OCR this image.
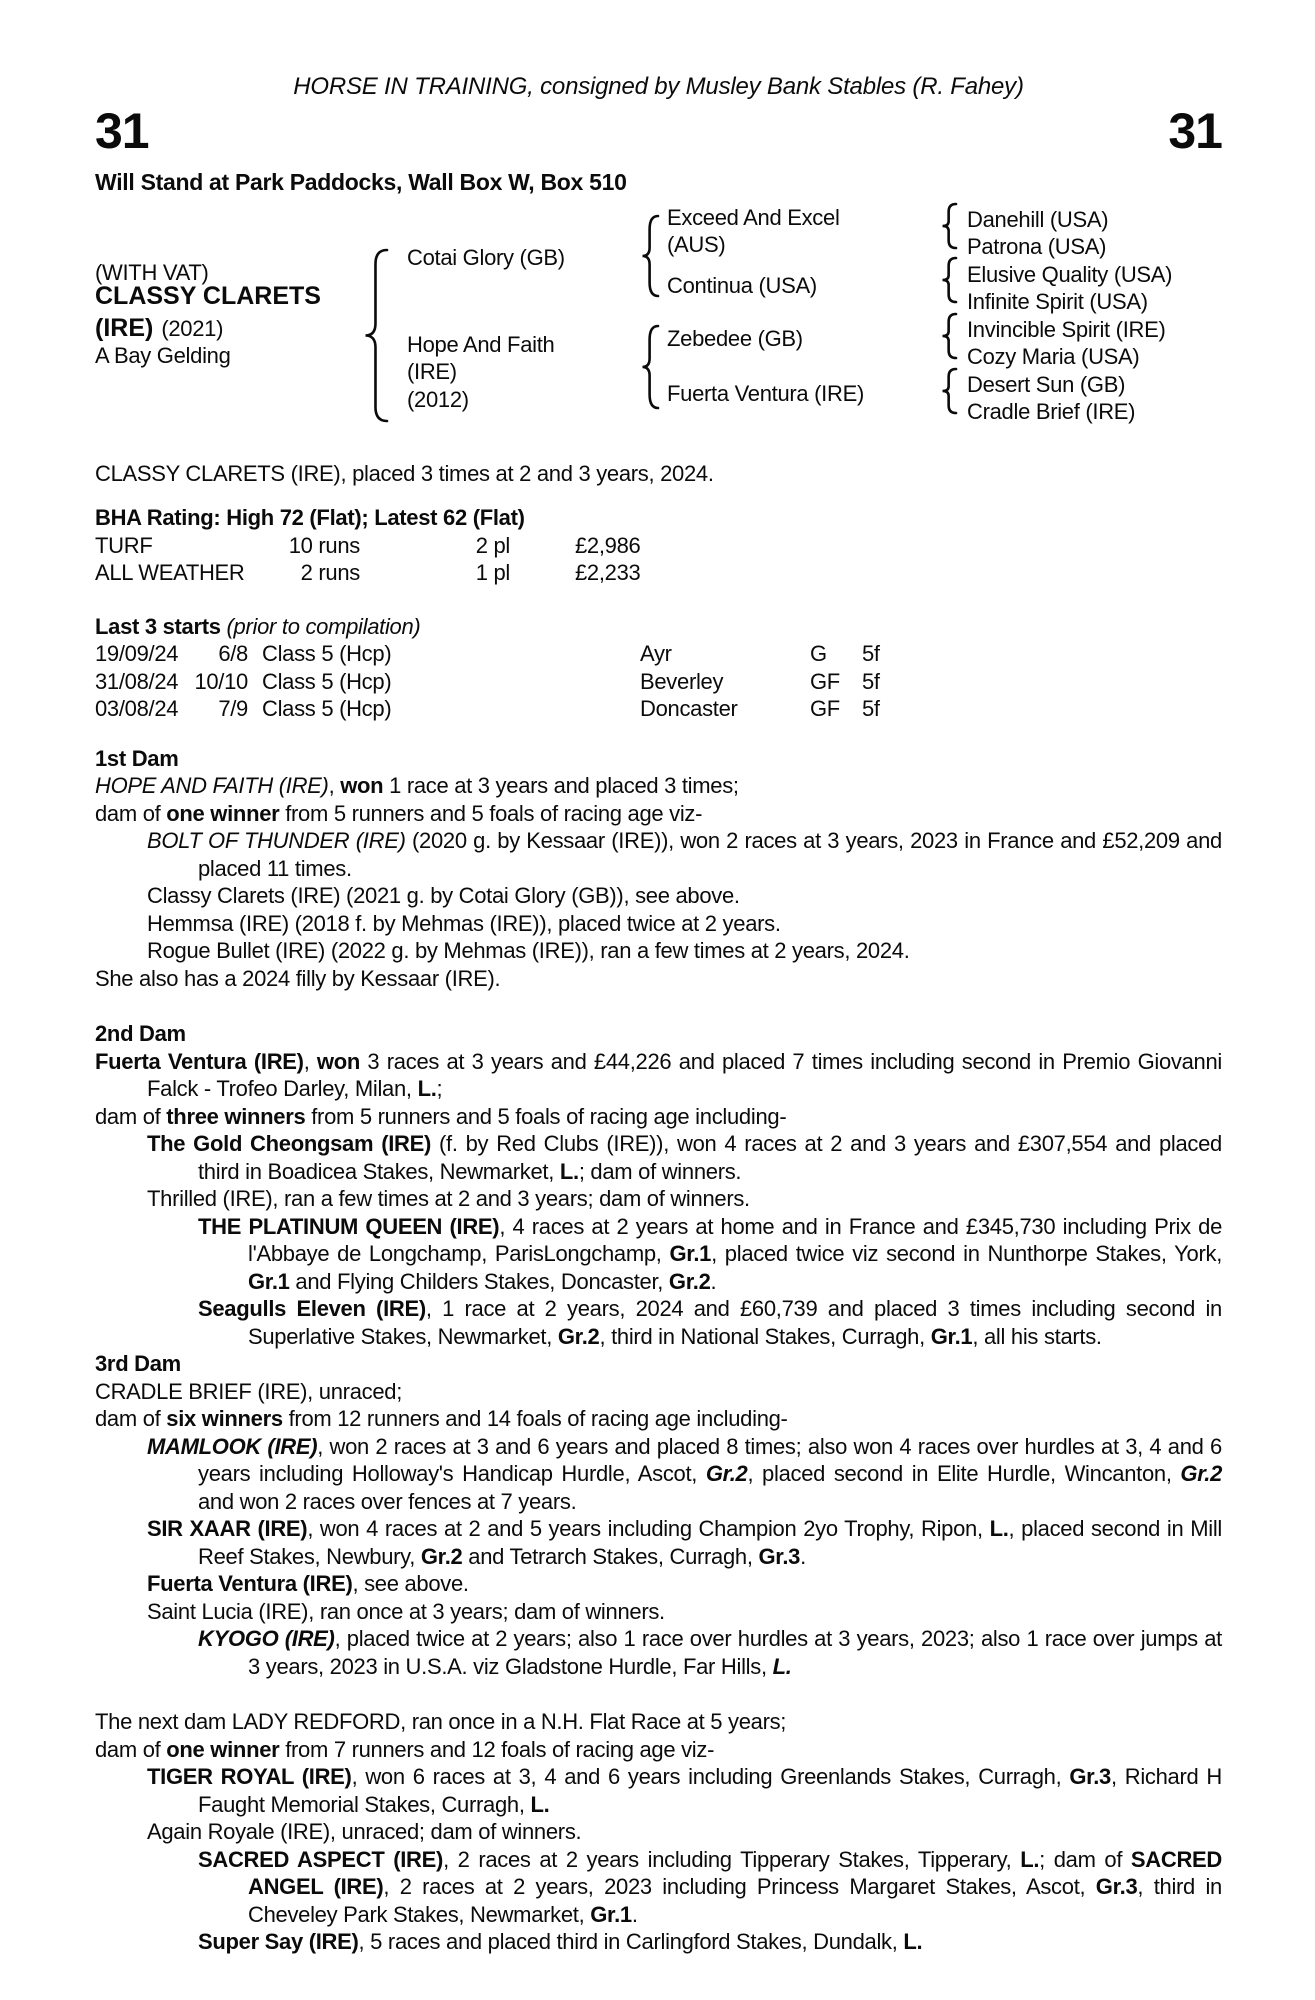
HORSE IN TRAINING, consigned by Musley Bank Stables (R. Fahey)
31	31
Will Stand at Park Paddocks, Wall Box W, Box 510
(WITH VAT)
CLASSY CLARETS
(IRE) (2021)
A Bay Gelding
Cotai Glory (GB)
Hope And Faith
(IRE)
(2012)
Exceed And Excel
(AUS)
Continua (USA)
Zebedee (GB)
Fuerta Ventura (IRE)
Danehill (USA)
Patrona (USA)
Elusive Quality (USA)
Infinite Spirit (USA)
Invincible Spirit (IRE)
Cozy Maria (USA)
Desert Sun (GB)
Cradle Brief (IRE)
CLASSY CLARETS (IRE), placed 3 times at 2 and 3 years, 2024.
BHA Rating: High 72 (Flat); Latest 62 (Flat)
TURF	10 runs	2 pl	£2,986
ALL WEATHER	2 runs	1 pl	£2,233
Last 3 starts (prior to compilation)
19/09/24	6/8 Class 5 (Hcp)	Ayr	G	5f
31/08/24 10/10 Class 5 (Hcp)	Beverley	GF	5f
03/08/24	7/9 Class 5 (Hcp)	Doncaster	GF	5f
1st Dam
HOPE AND FAITH (IRE), won 1 race at 3 years and placed 3 times;
dam of one winner from 5 runners and 5 foals of racing age viz-
BOLT OF THUNDER (IRE) (2020 g. by Kessaar (IRE)), won 2 races at 3 years, 2023 in France and £52,209 and placed 11 times.
Classy Clarets (IRE) (2021 g. by Cotai Glory (GB)), see above.
Hemmsa (IRE) (2018 f. by Mehmas (IRE)), placed twice at 2 years.
Rogue Bullet (IRE) (2022 g. by Mehmas (IRE)), ran a few times at 2 years, 2024.
She also has a 2024 filly by Kessaar (IRE).
2nd Dam
Fuerta Ventura (IRE), won 3 races at 3 years and £44,226 and placed 7 times including second in Premio Giovanni Falck - Trofeo Darley, Milan, L.;
dam of three winners from 5 runners and 5 foals of racing age including-
The Gold Cheongsam (IRE) (f. by Red Clubs (IRE)), won 4 races at 2 and 3 years and £307,554 and placed third in Boadicea Stakes, Newmarket, L.; dam of winners.
Thrilled (IRE), ran a few times at 2 and 3 years; dam of winners.
THE PLATINUM QUEEN (IRE), 4 races at 2 years at home and in France and £345,730 including Prix de l'Abbaye de Longchamp, ParisLongchamp, Gr.1, placed twice viz second in Nunthorpe Stakes, York, Gr.1 and Flying Childers Stakes, Doncaster, Gr.2.
Seagulls Eleven (IRE), 1 race at 2 years, 2024 and £60,739 and placed 3 times including second in Superlative Stakes, Newmarket, Gr.2, third in National Stakes, Curragh, Gr.1, all his starts.
3rd Dam
CRADLE BRIEF (IRE), unraced;
dam of six winners from 12 runners and 14 foals of racing age including-
MAMLOOK (IRE), won 2 races at 3 and 6 years and placed 8 times; also won 4 races over hurdles at 3, 4 and 6 years including Holloway's Handicap Hurdle, Ascot, Gr.2, placed second in Elite Hurdle, Wincanton, Gr.2 and won 2 races over fences at 7 years.
SIR XAAR (IRE), won 4 races at 2 and 5 years including Champion 2yo Trophy, Ripon, L., placed second in Mill Reef Stakes, Newbury, Gr.2 and Tetrarch Stakes, Curragh, Gr.3.
Fuerta Ventura (IRE), see above.
Saint Lucia (IRE), ran once at 3 years; dam of winners.
KYOGO (IRE), placed twice at 2 years; also 1 race over hurdles at 3 years, 2023; also 1 race over jumps at 3 years, 2023 in U.S.A. viz Gladstone Hurdle, Far Hills, L.
The next dam LADY REDFORD, ran once in a N.H. Flat Race at 5 years;
dam of one winner from 7 runners and 12 foals of racing age viz-
TIGER ROYAL (IRE), won 6 races at 3, 4 and 6 years including Greenlands Stakes, Curragh, Gr.3, Richard H Faught Memorial Stakes, Curragh, L.
Again Royale (IRE), unraced; dam of winners.
SACRED ASPECT (IRE), 2 races at 2 years including Tipperary Stakes, Tipperary, L.; dam of SACRED ANGEL (IRE), 2 races at 2 years, 2023 including Princess Margaret Stakes, Ascot, Gr.3, third in Cheveley Park Stakes, Newmarket, Gr.1.
Super Say (IRE), 5 races and placed third in Carlingford Stakes, Dundalk, L.
